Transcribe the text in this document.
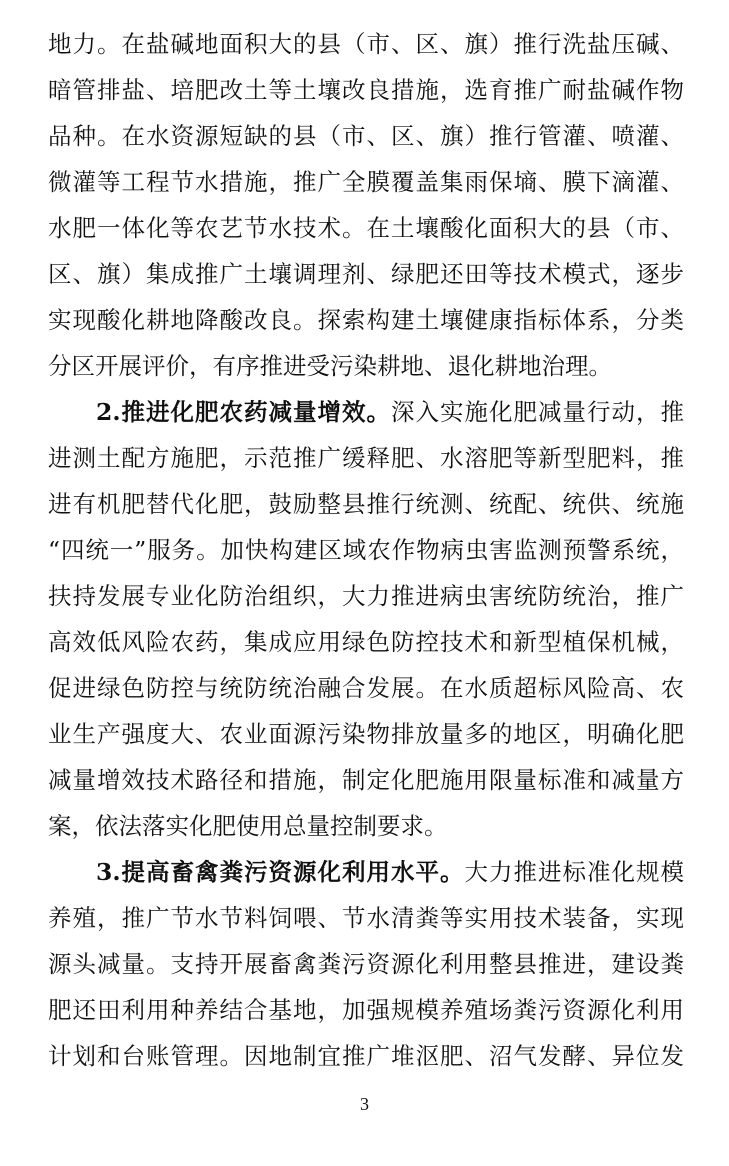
地力。在盐碱地面积大的县（市、区、旗）推行洗盐压碱、
暗管排盐、培肥改土等土壤改良措施，选育推广耐盐碱作物
品种。在水资源短缺的县（市、区、旗）推行管灌、喷灌、
微灌等工程节水措施，推广全膜覆盖集雨保墒、膜下滴灌、
水肥一体化等农艺节水技术。在土壤酸化面积大的县（市、
区、旗）集成推广土壤调理剂、绿肥还田等技术模式，逐步
实现酸化耕地降酸改良。探索构建土壤健康指标体系，分类
分区开展评价，有序推进受污染耕地、退化耕地治理。
2.推进化肥农药减量增效。深入实施化肥减量行动，推
进测土配方施肥，示范推广缓释肥、水溶肥等新型肥料，推
进有机肥替代化肥，鼓励整县推行统测、统配、统供、统施
“四统一”服务。加快构建区域农作物病虫害监测预警系统，
扶持发展专业化防治组织，大力推进病虫害统防统治，推广
高效低风险农药，集成应用绿色防控技术和新型植保机械，
促进绿色防控与统防统治融合发展。在水质超标风险高、农
业生产强度大、农业面源污染物排放量多的地区，明确化肥
减量增效技术路径和措施，制定化肥施用限量标准和减量方
案，依法落实化肥使用总量控制要求。
3.提高畜禽粪污资源化利用水平。大力推进标准化规模
养殖，推广节水节料饲喂、节水清粪等实用技术装备，实现
源头减量。支持开展畜禽粪污资源化利用整县推进，建设粪
肥还田利用种养结合基地，加强规模养殖场粪污资源化利用
计划和台账管理。因地制宜推广堆沤肥、沼气发酵、异位发
3
